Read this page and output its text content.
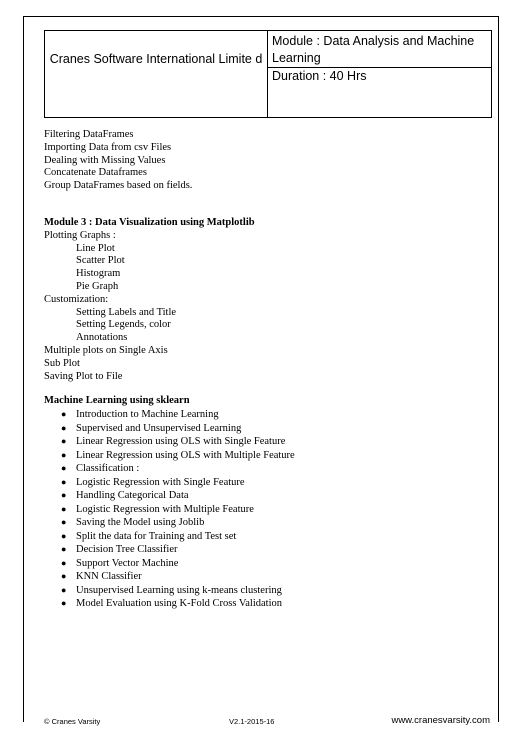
Cranes Software International Limite d
Module : Data Analysis and Machine Learning
Duration : 40 Hrs
Filtering DataFrames
Importing Data from csv Files
Dealing with Missing Values
Concatenate Dataframes
Group DataFrames based on fields.
Module 3 : Data Visualization using Matplotlib
Plotting Graphs :
Line Plot
Scatter Plot
Histogram
Pie Graph
Customization:
Setting Labels and Title
Setting Legends, color
Annotations
Multiple plots on Single Axis
Sub Plot
Saving Plot to File
Machine Learning using sklearn
● Introduction to Machine Learning
● Supervised and Unsupervised Learning
● Linear Regression using OLS with Single Feature
● Linear Regression using OLS with Multiple Feature
● Classification :
● Logistic Regression with Single Feature
● Handling Categorical Data
● Logistic Regression with Multiple Feature
● Saving the Model using Joblib
● Split the data for Training and Test set
● Decision Tree Classifier
● Support Vector Machine
● KNN Classifier
● Unsupervised Learning using k-means clustering
● Model Evaluation using K-Fold Cross Validation
© Cranes Varsity	V2.1-2015-16	www.cranesvarsity.com
